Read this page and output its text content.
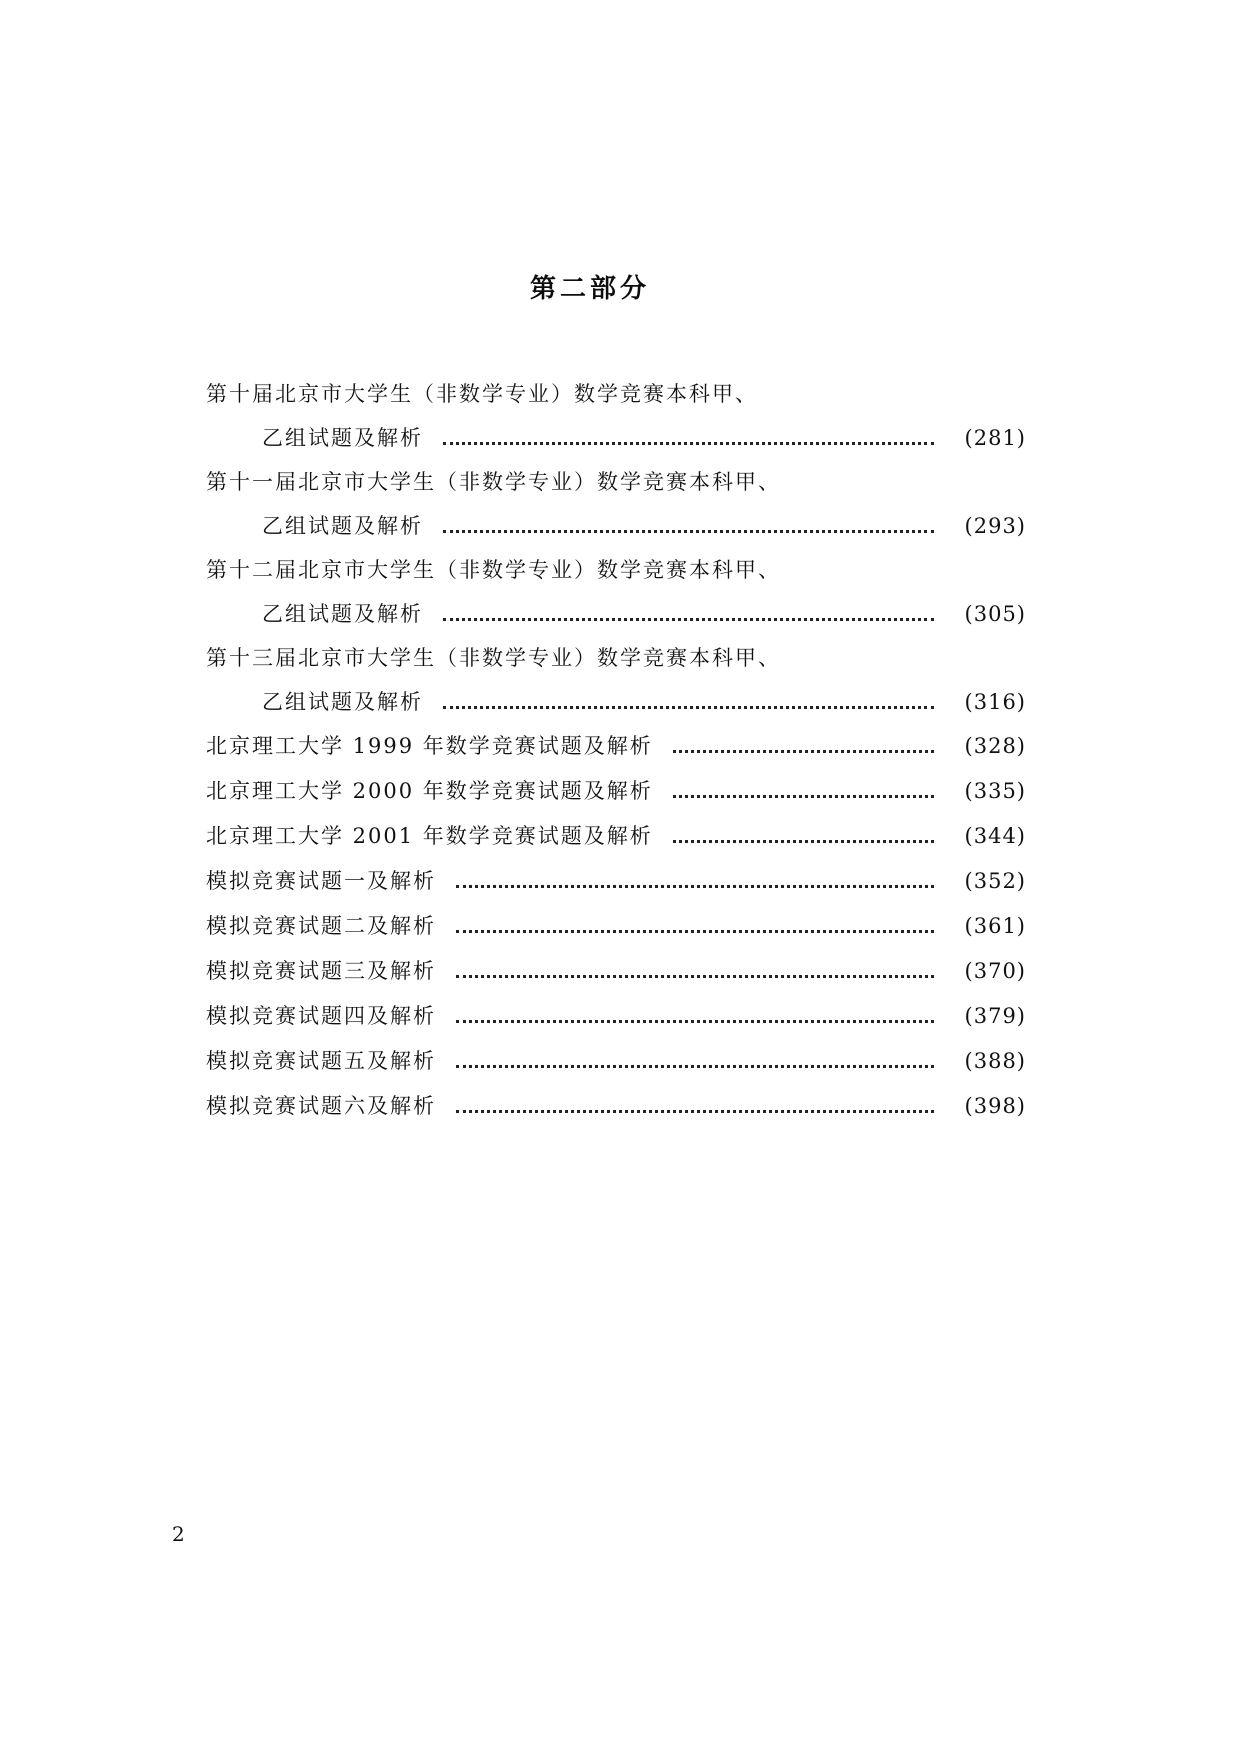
第二部分
第十届北京市大学生（非数学专业）数学竞赛本科甲、
乙组试题及解析	(281)
第十一届北京市大学生（非数学专业）数学竞赛本科甲、
乙组试题及解析	(293)
第十二届北京市大学生（非数学专业）数学竞赛本科甲、
乙组试题及解析	(305)
第十三届北京市大学生（非数学专业）数学竞赛本科甲、
乙组试题及解析	(316)
北京理工大学 1999 年数学竞赛试题及解析	(328)
北京理工大学 2000 年数学竞赛试题及解析	(335)
北京理工大学 2001 年数学竞赛试题及解析	(344)
模拟竞赛试题一及解析	(352)
模拟竞赛试题二及解析	(361)
模拟竞赛试题三及解析	(370)
模拟竞赛试题四及解析	(379)
模拟竞赛试题五及解析	(388)
模拟竞赛试题六及解析	(398)
2
